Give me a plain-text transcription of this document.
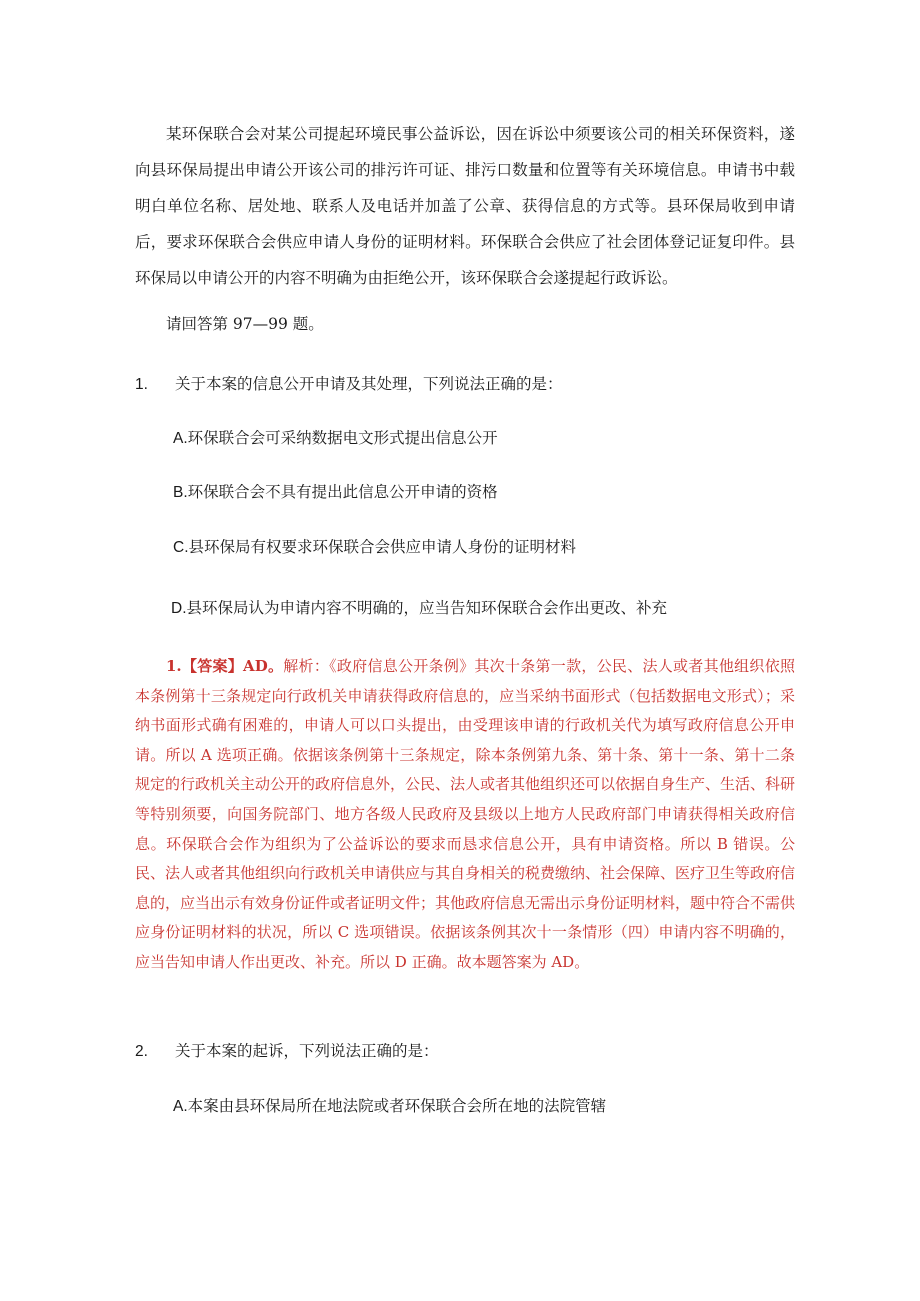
某环保联合会对某公司提起环境民事公益诉讼，因在诉讼中须要该公司的相关环保资料，遂向县环保局提出申请公开该公司的排污许可证、排污口数量和位置等有关环境信息。申请书中载明白单位名称、居处地、联系人及电话并加盖了公章、获得信息的方式等。县环保局收到申请后，要求环保联合会供应申请人身份的证明材料。环保联合会供应了社会团体登记证复印件。县环保局以申请公开的内容不明确为由拒绝公开，该环保联合会遂提起行政诉讼。

请回答第 97—99 题。

1. 关于本案的信息公开申请及其处理，下列说法正确的是：
A.环保联合会可采纳数据电文形式提出信息公开
B.环保联合会不具有提出此信息公开申请的资格
C.县环保局有权要求环保联合会供应申请人身份的证明材料
D.县环保局认为申请内容不明确的，应当告知环保联合会作出更改、补充

1.【答案】AD。解析：《政府信息公开条例》其次十条第一款，公民、法人或者其他组织依照本条例第十三条规定向行政机关申请获得政府信息的，应当采纳书面形式（包括数据电文形式）；采纳书面形式确有困难的，申请人可以口头提出，由受理该申请的行政机关代为填写政府信息公开申请。所以 A 选项正确。依据该条例第十三条规定，除本条例第九条、第十条、第十一条、第十二条规定的行政机关主动公开的政府信息外，公民、法人或者其他组织还可以依据自身生产、生活、科研等特别须要，向国务院部门、地方各级人民政府及县级以上地方人民政府部门申请获得相关政府信息。环保联合会作为组织为了公益诉讼的要求而恳求信息公开，具有申请资格。所以 B 错误。公民、法人或者其他组织向行政机关申请供应与其自身相关的税费缴纳、社会保障、医疗卫生等政府信息的，应当出示有效身份证件或者证明文件；其他政府信息无需出示身份证明材料，题中符合不需供应身份证明材料的状况，所以 C 选项错误。依据该条例其次十一条情形（四）申请内容不明确的，应当告知申请人作出更改、补充。所以 D 正确。故本题答案为 AD。

2. 关于本案的起诉，下列说法正确的是：
A.本案由县环保局所在地法院或者环保联合会所在地的法院管辖
